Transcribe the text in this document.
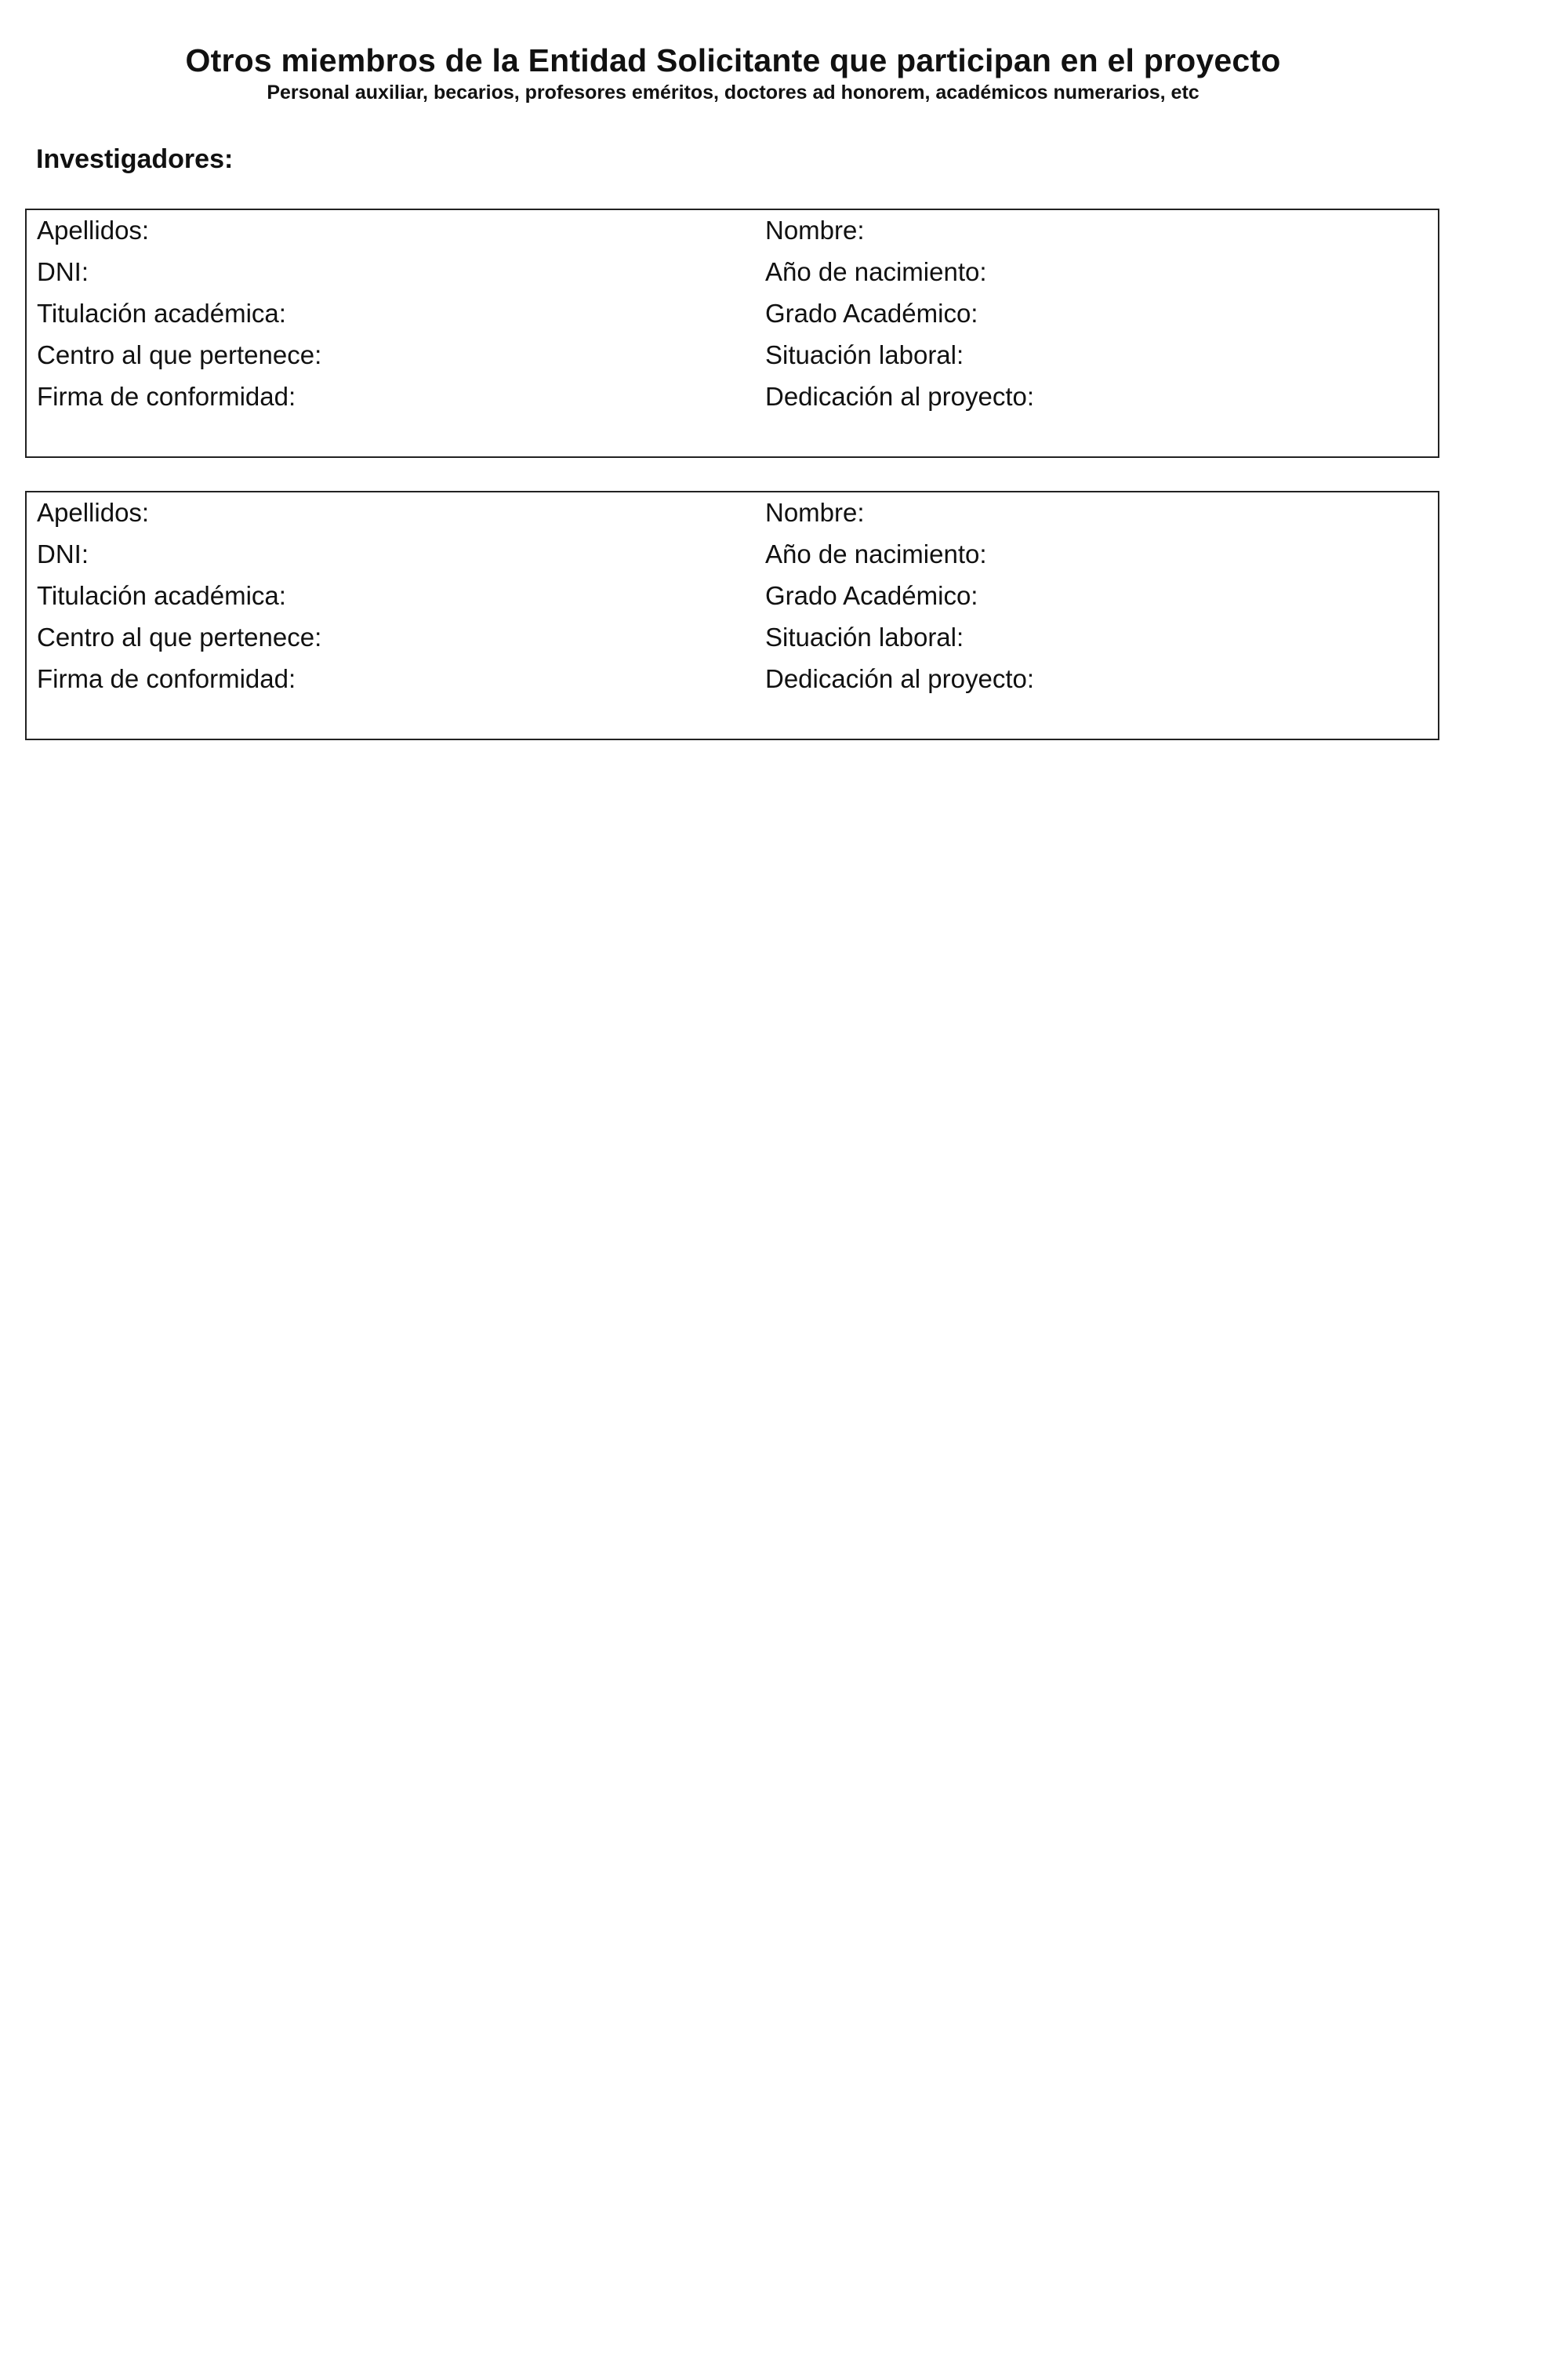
Otros miembros de la Entidad Solicitante que participan en el proyecto
Personal auxiliar, becarios, profesores eméritos, doctores ad honorem, académicos numerarios, etc
Investigadores:
Apellidos:
DNI:
Titulación académica:
Centro al que pertenece:
Firma de conformidad:
Nombre:
Año de nacimiento:
Grado Académico:
Situación laboral:
Dedicación al proyecto:
Apellidos:
DNI:
Titulación académica:
Centro al que pertenece:
Firma de conformidad:
Nombre:
Año de nacimiento:
Grado Académico:
Situación laboral:
Dedicación al proyecto:
